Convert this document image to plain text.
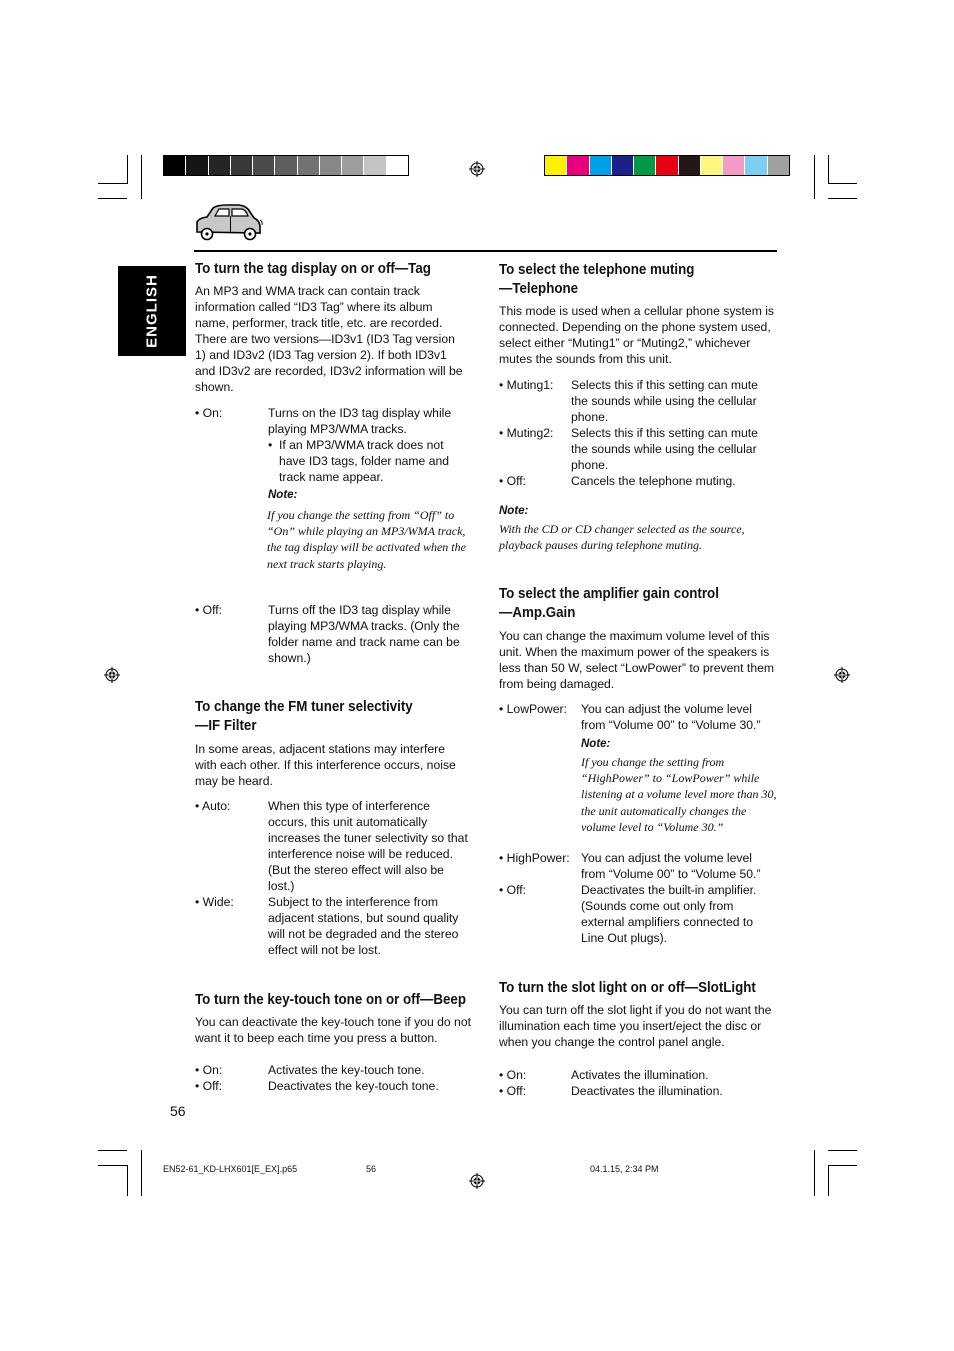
ENGLISH
To turn the tag display on or off—Tag
An MP3 and WMA track can contain track information called “ID3 Tag” where its album name, performer, track title, etc. are recorded. There are two versions—ID3v1 (ID3 Tag version 1) and ID3v2 (ID3 Tag version 2). If both ID3v1 and ID3v2 are recorded, ID3v2 information will be shown.
• On:	Turns on the ID3 tag display while playing MP3/WMA tracks.
• If an MP3/WMA track does not have ID3 tags, folder name and track name appear.
Note:
If you change the setting from “Off” to “On” while playing an MP3/WMA track, the tag display will be activated when the next track starts playing.
• Off:	Turns off the ID3 tag display while playing MP3/WMA tracks. (Only the folder name and track name can be shown.)
To change the FM tuner selectivity
—IF Filter
In some areas, adjacent stations may interfere with each other. If this interference occurs, noise may be heard.
• Auto:	When this type of interference occurs, this unit automatically increases the tuner selectivity so that interference noise will be reduced. (But the stereo effect will also be lost.)
• Wide:	Subject to the interference from adjacent stations, but sound quality will not be degraded and the stereo effect will not be lost.
To turn the key-touch tone on or off—Beep
You can deactivate the key-touch tone if you do not want it to beep each time you press a button.
• On:	Activates the key-touch tone.
• Off:	Deactivates the key-touch tone.
56
To select the telephone muting
—Telephone
This mode is used when a cellular phone system is connected. Depending on the phone system used, select either “Muting1” or “Muting2,” whichever mutes the sounds from this unit.
• Muting1: Selects this if this setting can mute the sounds while using the cellular phone.
• Muting2: Selects this if this setting can mute the sounds while using the cellular phone.
• Off:	Cancels the telephone muting.
Note:
With the CD or CD changer selected as the source, playback pauses during telephone muting.
To select the amplifier gain control
—Amp.Gain
You can change the maximum volume level of this unit. When the maximum power of the speakers is less than 50 W, select “LowPower” to prevent them from being damaged.
• LowPower: You can adjust the volume level from “Volume 00” to “Volume 30.”
Note:
If you change the setting from “HighPower” to “LowPower” while listening at a volume level more than 30, the unit automatically changes the volume level to “Volume 30.”
• HighPower: You can adjust the volume level from “Volume 00” to “Volume 50.”
• Off:	Deactivates the built-in amplifier. (Sounds come out only from external amplifiers connected to Line Out plugs).
To turn the slot light on or off—SlotLight
You can turn off the slot light if you do not want the illumination each time you insert/eject the disc or when you change the control panel angle.
• On:	Activates the illumination.
• Off:	Deactivates the illumination.
EN52-61_KD-LHX601[E_EX].p65	56	04.1.15, 2:34 PM
